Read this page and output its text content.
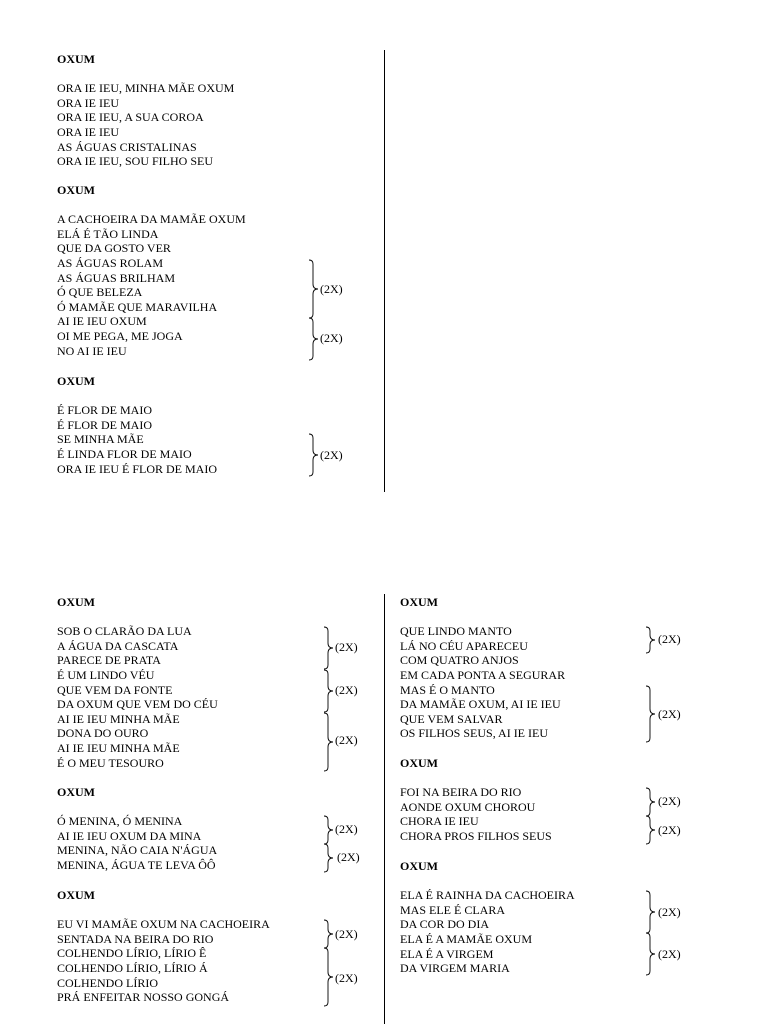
OXUM
ORA IE IEU, MINHA MÃE OXUM
ORA IE IEU
ORA IE IEU, A SUA COROA
ORA IE IEU
AS ÁGUAS CRISTALINAS
ORA IE IEU, SOU FILHO SEU
OXUM
A CACHOEIRA DA MAMÃE OXUM
ELÁ É TÃO LINDA
QUE DA GOSTO VER
AS ÁGUAS ROLAM
AS ÁGUAS BRILHAM
Ó QUE BELEZA
Ó MAMÃE QUE MARAVILHA
AI IE IEU OXUM
OI ME PEGA, ME JOGA
NO AI IE IEU
OXUM
É FLOR DE MAIO
É FLOR DE MAIO
SE MINHA MÃE
É LINDA FLOR DE MAIO
ORA IE IEU É FLOR DE MAIO
(2X)
(2X)
(2X)
OXUM
SOB O CLARÃO DA LUA
A ÁGUA DA CASCATA
PARECE DE PRATA
É UM LINDO VÉU
QUE VEM DA FONTE
DA OXUM QUE VEM DO CÉU
AI IE IEU MINHA MÃE
DONA DO OURO
AI IE IEU MINHA MÃE
É O MEU TESOURO
OXUM
Ó MENINA, Ó MENINA
AI IE IEU OXUM DA MINA
MENINA, NÃO CAIA N'ÁGUA
MENINA, ÁGUA TE LEVA ÔÔ
OXUM
EU VI MAMÃE OXUM NA CACHOEIRA
SENTADA NA BEIRA DO RIO
COLHENDO LÍRIO, LÍRIO Ê
COLHENDO LÍRIO, LÍRIO Á
COLHENDO LÍRIO
PRÁ ENFEITAR NOSSO GONGÁ
(2X)
(2X)
(2X)
(2X)
(2X)
(2X)
(2X)
OXUM
QUE LINDO MANTO
LÁ NO CÉU APARECEU
COM QUATRO ANJOS
EM CADA PONTA A SEGURAR
MAS É O MANTO
DA MAMÃE OXUM, AI IE IEU
QUE VEM SALVAR
OS FILHOS SEUS, AI IE IEU
OXUM
FOI NA BEIRA DO RIO
AONDE OXUM CHOROU
CHORA IE IEU
CHORA PROS FILHOS SEUS
OXUM
ELA É RAINHA DA CACHOEIRA
MAS ELE É CLARA
DA COR DO DIA
ELA É A MAMÃE OXUM
ELA É A VIRGEM
DA VIRGEM MARIA
(2X)
(2X)
(2X)
(2X)
(2X)
(2X)
